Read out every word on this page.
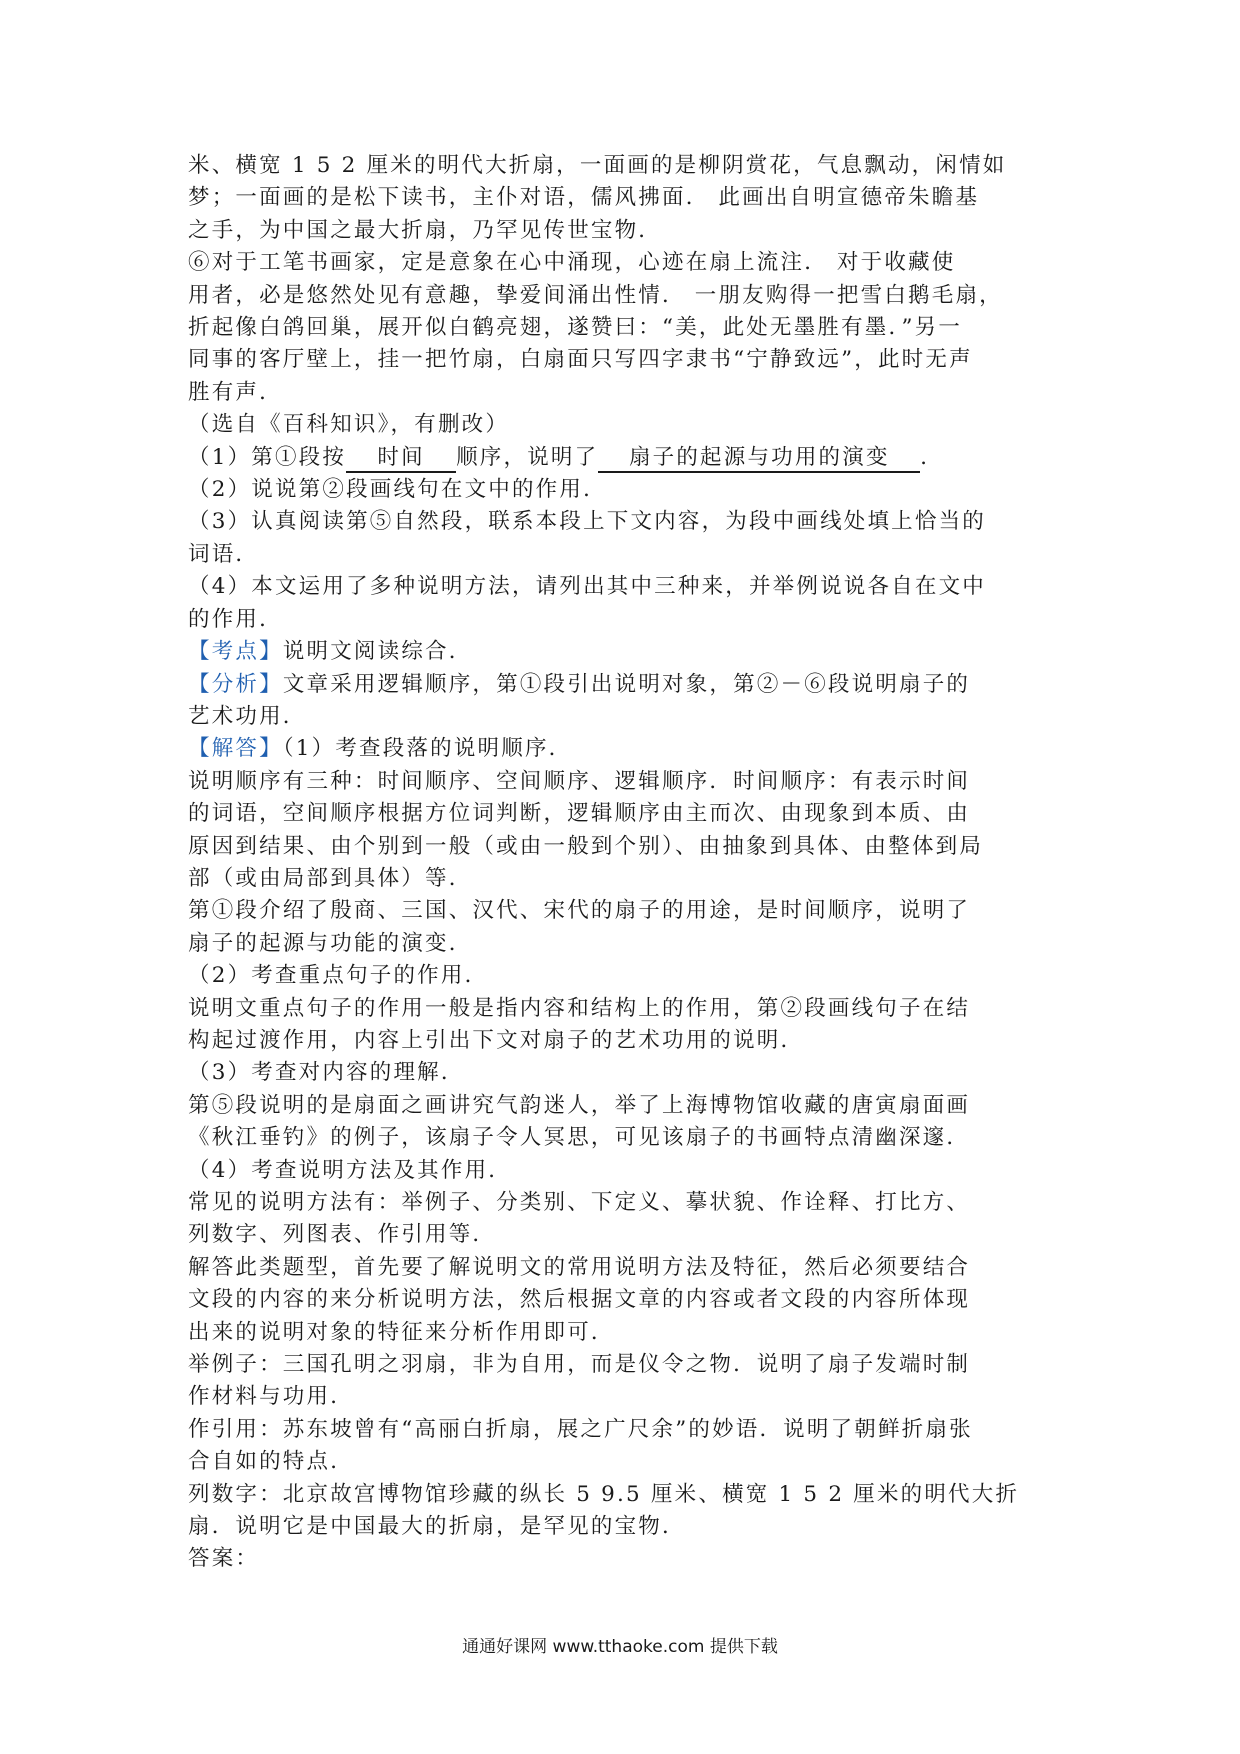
米、横宽 1 5 2 厘米的明代大折扇，一面画的是柳阴赏花，气息飘动，闲情如
梦；一面画的是松下读书，主仆对语，儒风拂面． 此画出自明宣德帝朱瞻基
之手，为中国之最大折扇，乃罕见传世宝物．
⑥对于工笔书画家，定是意象在心中涌现，心迹在扇上流注． 对于收藏使
用者，必是悠然处见有意趣，挚爱间涌出性情． 一朋友购得一把雪白鹅毛扇，
折起像白鸽回巢，展开似白鹤亮翅，遂赞曰：“美，此处无墨胜有墨．”另一
同事的客厅壁上，挂一把竹扇，白扇面只写四字隶书“宁静致远”，此时无声
胜有声．
（选自《百科知识》，有删改）
（1）第①段按 时间 顺序，说明了 扇子的起源与功用的演变 ．
（2）说说第②段画线句在文中的作用．
（3）认真阅读第⑤自然段，联系本段上下文内容，为段中画线处填上恰当的
词语．
（4）本文运用了多种说明方法，请列出其中三种来，并举例说说各自在文中
的作用．
【考点】说明文阅读综合．
【分析】文章采用逻辑顺序，第①段引出说明对象，第②－⑥段说明扇子的
艺术功用．
【解答】（1）考查段落的说明顺序．
说明顺序有三种：时间顺序、空间顺序、逻辑顺序．时间顺序：有表示时间
的词语，空间顺序根据方位词判断，逻辑顺序由主而次、由现象到本质、由
原因到结果、由个别到一般（或由一般到个别）、由抽象到具体、由整体到局
部（或由局部到具体）等．
第①段介绍了殷商、三国、汉代、宋代的扇子的用途，是时间顺序，说明了
扇子的起源与功能的演变．
（2）考查重点句子的作用．
说明文重点句子的作用一般是指内容和结构上的作用，第②段画线句子在结
构起过渡作用，内容上引出下文对扇子的艺术功用的说明．
（3）考查对内容的理解．
第⑤段说明的是扇面之画讲究气韵迷人，举了上海博物馆收藏的唐寅扇面画
《秋江垂钓》的例子，该扇子令人冥思，可见该扇子的书画特点清幽深邃．
（4）考查说明方法及其作用．
常见的说明方法有：举例子、分类别、下定义、摹状貌、作诠释、打比方、
列数字、列图表、作引用等．
解答此类题型，首先要了解说明文的常用说明方法及特征，然后必须要结合
文段的内容的来分析说明方法，然后根据文章的内容或者文段的内容所体现
出来的说明对象的特征来分析作用即可．
举例子：三国孔明之羽扇，非为自用，而是仪令之物．说明了扇子发端时制
作材料与功用．
作引用：苏东坡曾有“高丽白折扇，展之广尺余”的妙语．说明了朝鲜折扇张
合自如的特点．
列数字：北京故宫博物馆珍藏的纵长 5 9.5 厘米、横宽 1 5 2 厘米的明代大折
扇．说明它是中国最大的折扇，是罕见的宝物．
答案：
通通好课网 www.tthaoke.com 提供下载
